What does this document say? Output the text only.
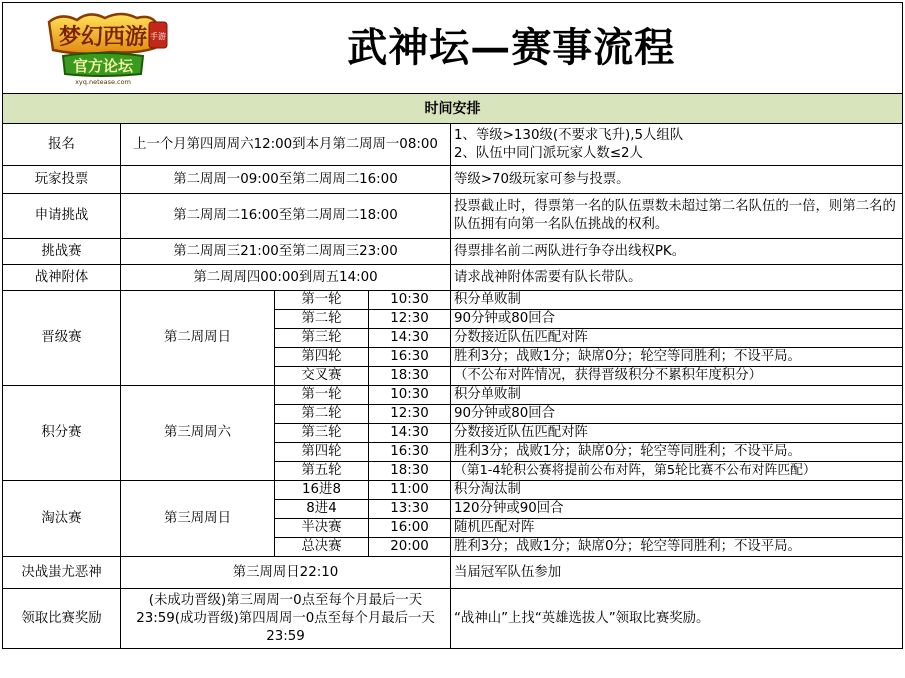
梦幻西游 手游
官方论坛
xyq.netease.com	武神坛—赛事流程			
时间安排				
报名	上一个月第四周周六12:00到本月第二周周一08:00			1、等级>130级(不要求飞升),5人组队
2、队伍中同门派玩家人数≤2人

玩家投票	第二周周一09:00至第二周周二16:00			等级>70级玩家可参与投票。
申请挑战	第二周周二16:00至第二周周二18:00			投票截止时，得票第一名的队伍票数未超过第二名队伍的一倍，则第二名的队伍拥有向第一名队伍挑战的权利。
挑战赛	第二周周三21:00至第二周周三23:00			得票排名前二两队进行争夺出线权PK。
战神附体	第二周周四00:00到周五14:00			请求战神附体需要有队长带队。
晋级赛	第二周周日	第一轮	10:30	积分单败制
		第二轮	12:30	90分钟或80回合
		第三轮	14:30	分数接近队伍匹配对阵
		第四轮	16:30	胜利3分；战败1分；缺席0分；轮空等同胜利；不设平局。
		交叉赛	18:30	（不公布对阵情况，获得晋级积分不累积年度积分）
积分赛	第三周周六	第一轮	10:30	积分单败制
		第二轮	12:30	90分钟或80回合
		第三轮	14:30	分数接近队伍匹配对阵
		第四轮	16:30	胜利3分；战败1分；缺席0分；轮空等同胜利；不设平局。
		第五轮	18:30	（第1-4轮积公赛将提前公布对阵，第5轮比赛不公布对阵匹配）
淘汰赛	第三周周日	16进8	11:00	积分淘汰制
		8进4	13:30	120分钟或90回合
		半决赛	16:00	随机匹配对阵
		总决赛	20:00	胜利3分；战败1分；缺席0分；轮空等同胜利；不设平局。
决战蚩尤恶神	第三周周日22:10			当届冠军队伍参加
领取比赛奖励	(未成功晋级)第三周周一0点至每个月最后一天23:59(成功晋级)第四周周一0点至每个月最后一天23:59			“战神山”上找“英雄选拔人”领取比赛奖励。
